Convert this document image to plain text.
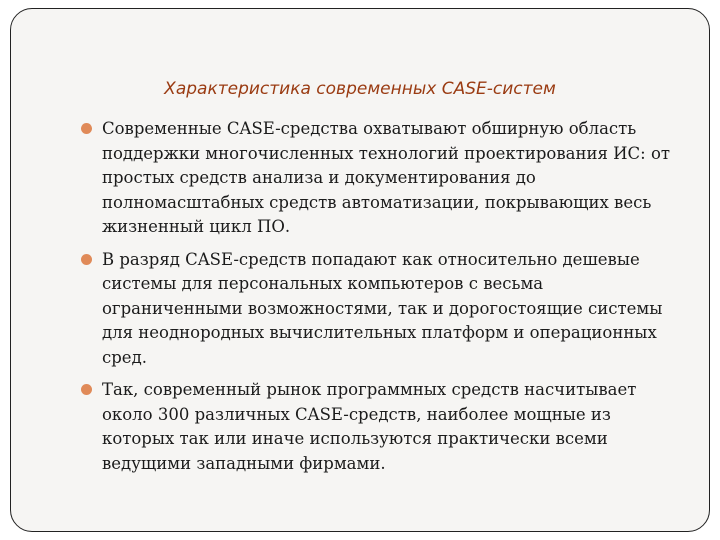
Характеристика современных CASE-систем
Современные CASE-средства охватывают обширную область поддержки многочисленных технологий проектирования ИС: от простых средств анализа и документирования до полномасштабных средств автоматизации, покрывающих весь жизненный цикл ПО.
В разряд CASE-средств попадают как относительно дешевые системы для персональных компьютеров с весьма ограниченными возможностями, так и дорогостоящие системы для неоднородных вычислительных платформ и операционных сред.
Так, современный рынок программных средств насчитывает около 300 различных CASE-средств, наиболее мощные из которых так или иначе используются практически всеми ведущими западными фирмами.
